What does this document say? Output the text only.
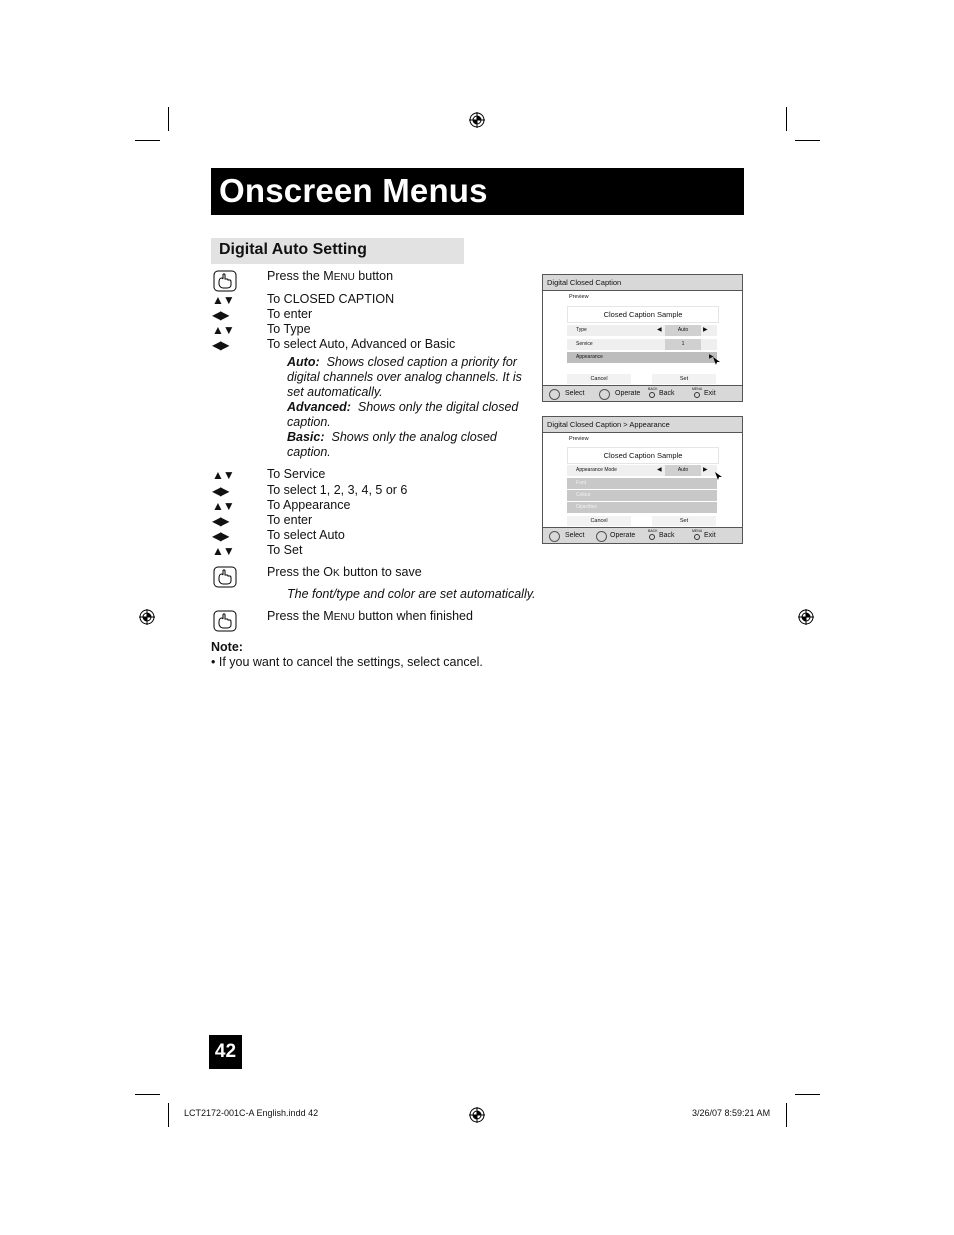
Onscreen Menus
Digital Auto Setting
Press the MENU button
▲▼	To CLOSED CAPTION
◀▶	To enter
▲▼	To Type
◀▶	To select Auto, Advanced or Basic
Auto: Shows closed caption a priority for digital channels over analog channels. It is set automatically.
Advanced: Shows only the digital closed caption.
Basic: Shows only the analog closed caption.
▲▼	To Service
◀▶	To select 1, 2, 3, 4, 5 or 6
▲▼	To Appearance
◀▶	To enter
◀▶	To select Auto
▲▼	To Set
Press the OK button to save
The font/type and color are set automatically.
Press the MENU button when finished
Note:
• If you want to cancel the settings, select cancel.
Digital Closed Caption
Preview
Closed Caption Sample
Type	◀	Auto	▶
Service	1
Appearance	▶
Cancel	Set
Select	Operate
BACK
Back
MENU
Exit
Digital Closed Caption > Appearance
Preview
Closed Caption Sample
Appearance Mode	◀	Auto	▶
Font
Colour
Opacities
Cancel	Set
Select	Operate
BACK
Back
MENU
Exit
42
LCT2172-001C-A English.indd 42	3/26/07 8:59:21 AM
